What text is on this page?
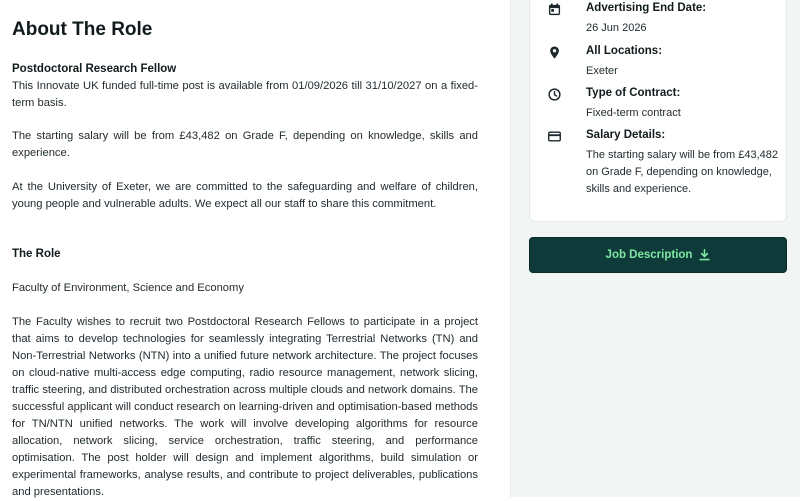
About The Role

Postdoctoral Research Fellow

This Innovate UK funded full-time post is available from 01/09/2026 till 31/10/2027 on a fixed-term basis.

The starting salary will be from £43,482 on Grade F, depending on knowledge, skills and experience.

At the University of Exeter, we are committed to the safeguarding and welfare of children, young people and vulnerable adults. We expect all our staff to share this commitment.

The Role

Faculty of Environment, Science and Economy

The Faculty wishes to recruit two Postdoctoral Research Fellows to participate in a project that aims to develop technologies for seamlessly integrating Terrestrial Networks (TN) and Non-Terrestrial Networks (NTN) into a unified future network architecture. The project focuses on cloud-native multi-access edge computing, radio resource management, network slicing, traffic steering, and distributed orchestration across multiple clouds and network domains. The successful applicant will conduct research on learning-driven and optimisation-based methods for TN/NTN unified networks. The work will involve developing algorithms for resource allocation, network slicing, service orchestration, traffic steering, and performance optimisation. The post holder will design and implement algorithms, build simulation or experimental frameworks, analyse results, and contribute to project deliverables, publications and presentations.

Advertising End Date:
26 Jun 2026
All Locations:
Exeter
Type of Contract:
Fixed-term contract
Salary Details:
The starting salary will be from £43,482 on Grade F, depending on knowledge, skills and experience.
Job Description
